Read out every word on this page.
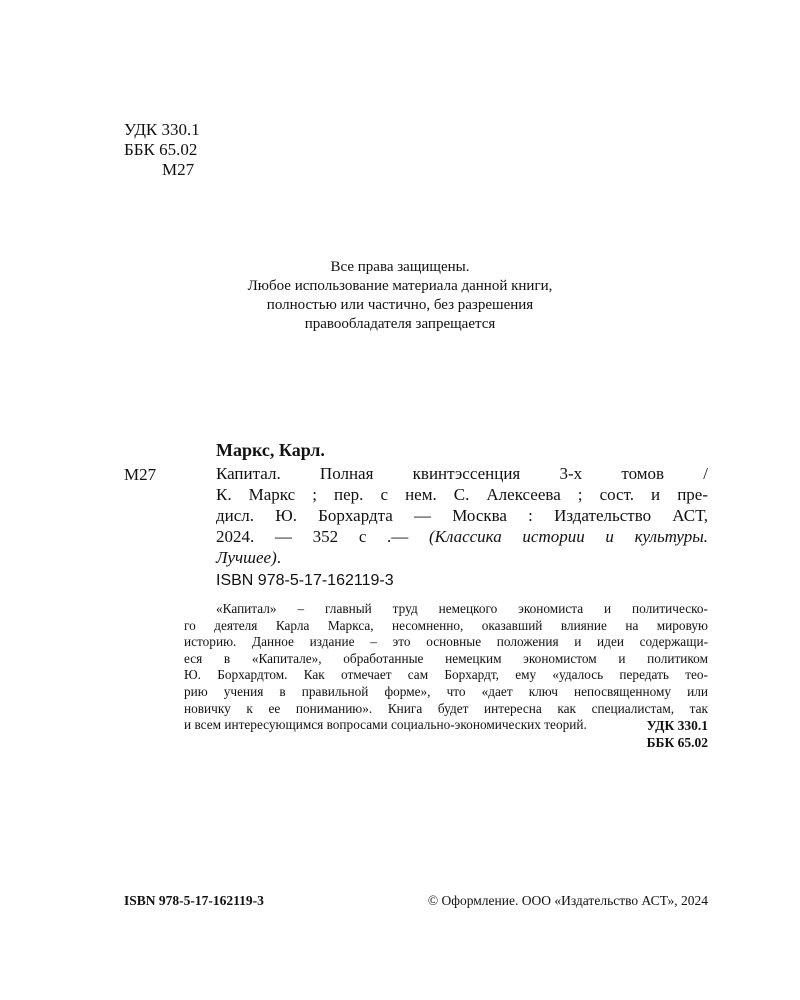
УДК 330.1
ББК 65.02
М27
Все права защищены.
Любое использование материала данной книги,
полностью или частично, без разрешения
правообладателя запрещается
Маркс, Карл.
М27	Капитал. Полная квинтэссенция 3-х томов /
К. Маркс ; пер. с нем. С. Алексеева ; сост. и пре-
дисл. Ю. Борхардта — Москва : Издательство АСТ,
2024. — 352 с .— (Классика истории и культуры.
Лучшее).
ISBN 978-5-17-162119-3
«Капитал» – главный труд немецкого экономиста и политическо-
го деятеля Карла Маркса, несомненно, оказавший влияние на мировую
историю. Данное издание – это основные положения и идеи содержащи-
еся в «Капитале», обработанные немецким экономистом и политиком
Ю. Борхардтом. Как отмечает сам Борхардт, ему «удалось передать тео-
рию учения в правильной форме», что «дает ключ непосвященному или
новичку к ее пониманию». Книга будет интересна как специалистам, так
и всем интересующимся вопросами социально-экономических теорий.	УДК 330.1
ББК 65.02
ISBN 978-5-17-162119-3	© Оформление. ООО «Издательство АСТ», 2024
